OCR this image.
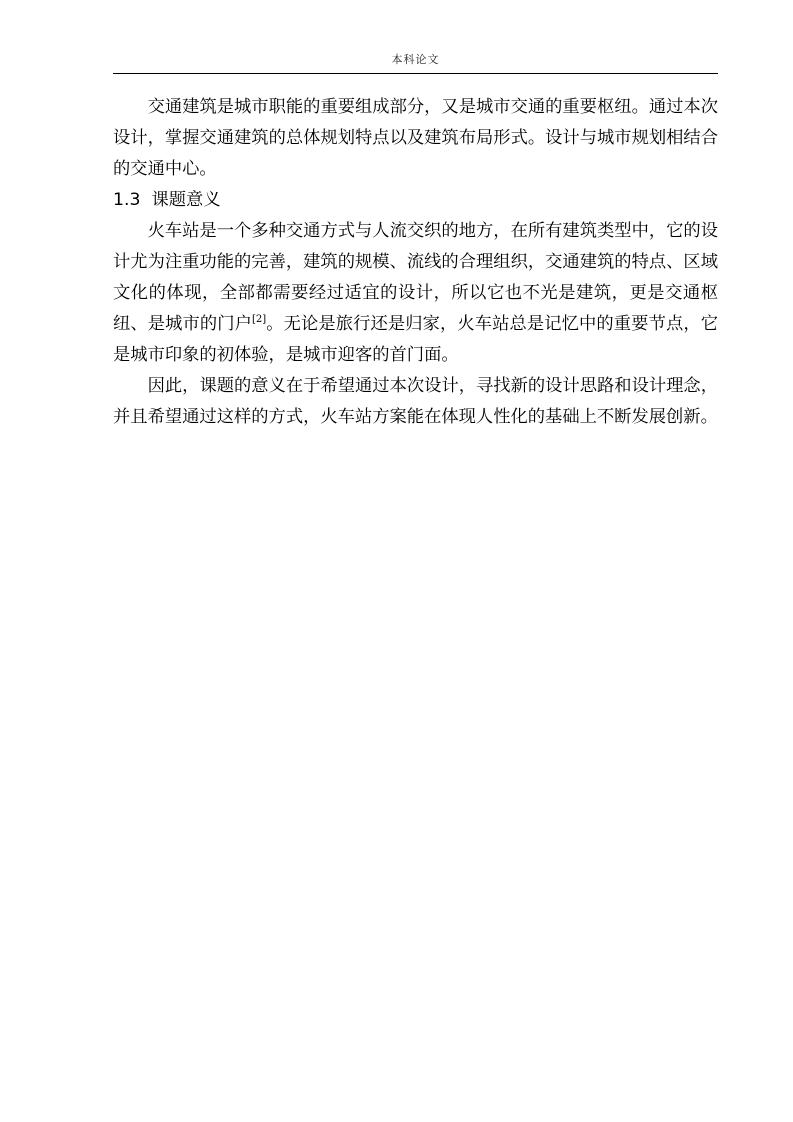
本科论文

交通建筑是城市职能的重要组成部分，又是城市交通的重要枢纽。通过本次设计，掌握交通建筑的总体规划特点以及建筑布局形式。设计与城市规划相结合的交通中心。

1.3 课题意义

火车站是一个多种交通方式与人流交织的地方，在所有建筑类型中，它的设计尤为注重功能的完善，建筑的规模、流线的合理组织，交通建筑的特点、区域文化的体现，全部都需要经过适宜的设计，所以它也不光是建筑，更是交通枢纽、是城市的门户[2]。无论是旅行还是归家，火车站总是记忆中的重要节点，它是城市印象的初体验，是城市迎客的首门面。

因此，课题的意义在于希望通过本次设计，寻找新的设计思路和设计理念，并且希望通过这样的方式，火车站方案能在体现人性化的基础上不断发展创新。
